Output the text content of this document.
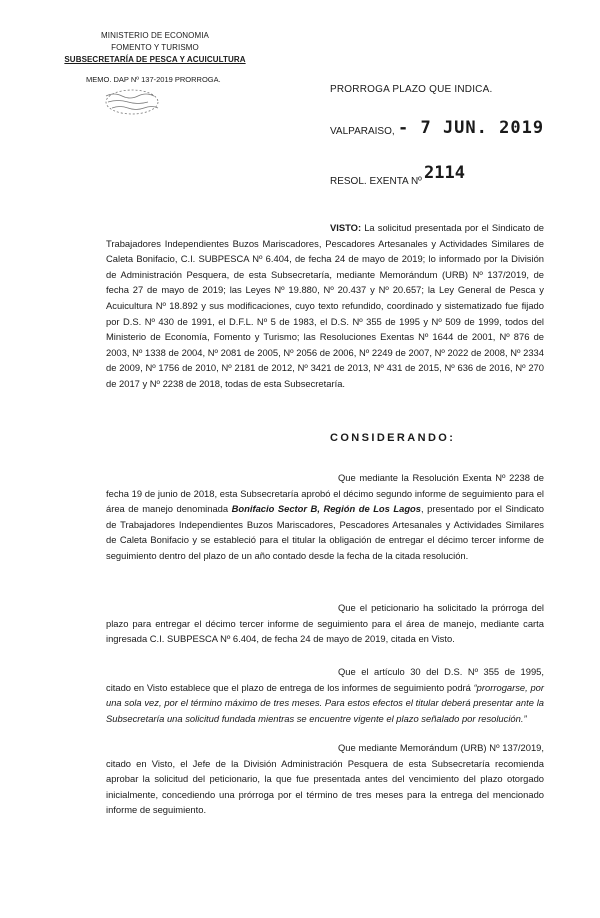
MINISTERIO DE ECONOMIA
FOMENTO Y TURISMO
SUBSECRETARÍA DE PESCA Y ACUICULTURA
MEMO. DAP Nº 137-2019 PRORROGA.
PRORROGA PLAZO QUE INDICA.
VALPARAISO, - 7 JUN. 2019
RESOL. EXENTA Nº 2114
VISTO: La solicitud presentada por el Sindicato de Trabajadores Independientes Buzos Mariscadores, Pescadores Artesanales y Actividades Similares de Caleta Bonifacio, C.I. SUBPESCA Nº 6.404, de fecha 24 de mayo de 2019; lo informado por la División de Administración Pesquera, de esta Subsecretaría, mediante Memorándum (URB) Nº 137/2019, de fecha 27 de mayo de 2019; las Leyes Nº 19.880, Nº 20.437 y Nº 20.657; la Ley General de Pesca y Acuicultura Nº 18.892 y sus modificaciones, cuyo texto refundido, coordinado y sistematizado fue fijado por D.S. Nº 430 de 1991, el D.F.L. Nº 5 de 1983, el D.S. Nº 355 de 1995 y Nº 509 de 1999, todos del Ministerio de Economía, Fomento y Turismo; las Resoluciones Exentas Nº 1644 de 2001, Nº 876 de 2003, Nº 1338 de 2004, Nº 2081 de 2005, Nº 2056 de 2006, Nº 2249 de 2007, Nº 2022 de 2008, Nº 2334 de 2009, Nº 1756 de 2010, Nº 2181 de 2012, Nº 3421 de 2013, Nº 431 de 2015, Nº 636 de 2016, Nº 270 de 2017 y Nº 2238 de 2018, todas de esta Subsecretaría.
CONSIDERANDO:
Que mediante la Resolución Exenta Nº 2238 de fecha 19 de junio de 2018, esta Subsecretaría aprobó el décimo segundo informe de seguimiento para el área de manejo denominada Bonifacio Sector B, Región de Los Lagos, presentado por el Sindicato de Trabajadores Independientes Buzos Mariscadores, Pescadores Artesanales y Actividades Similares de Caleta Bonifacio y se estableció para el titular la obligación de entregar el décimo tercer informe de seguimiento dentro del plazo de un año contado desde la fecha de la citada resolución.
Que el peticionario ha solicitado la prórroga del plazo para entregar el décimo tercer informe de seguimiento para el área de manejo, mediante carta ingresada C.I. SUBPESCA Nº 6.404, de fecha 24 de mayo de 2019, citada en Visto.
Que el artículo 30 del D.S. Nº 355 de 1995, citado en Visto establece que el plazo de entrega de los informes de seguimiento podrá “prorrogarse, por una sola vez, por el término máximo de tres meses. Para estos efectos el titular deberá presentar ante la Subsecretaría una solicitud fundada mientras se encuentre vigente el plazo señalado por resolución.”
Que mediante Memorándum (URB) Nº 137/2019, citado en Visto, el Jefe de la División Administración Pesquera de esta Subsecretaría recomienda aprobar la solicitud del peticionario, la que fue presentada antes del vencimiento del plazo otorgado inicialmente, concediendo una prórroga por el término de tres meses para la entrega del mencionado informe de seguimiento.
